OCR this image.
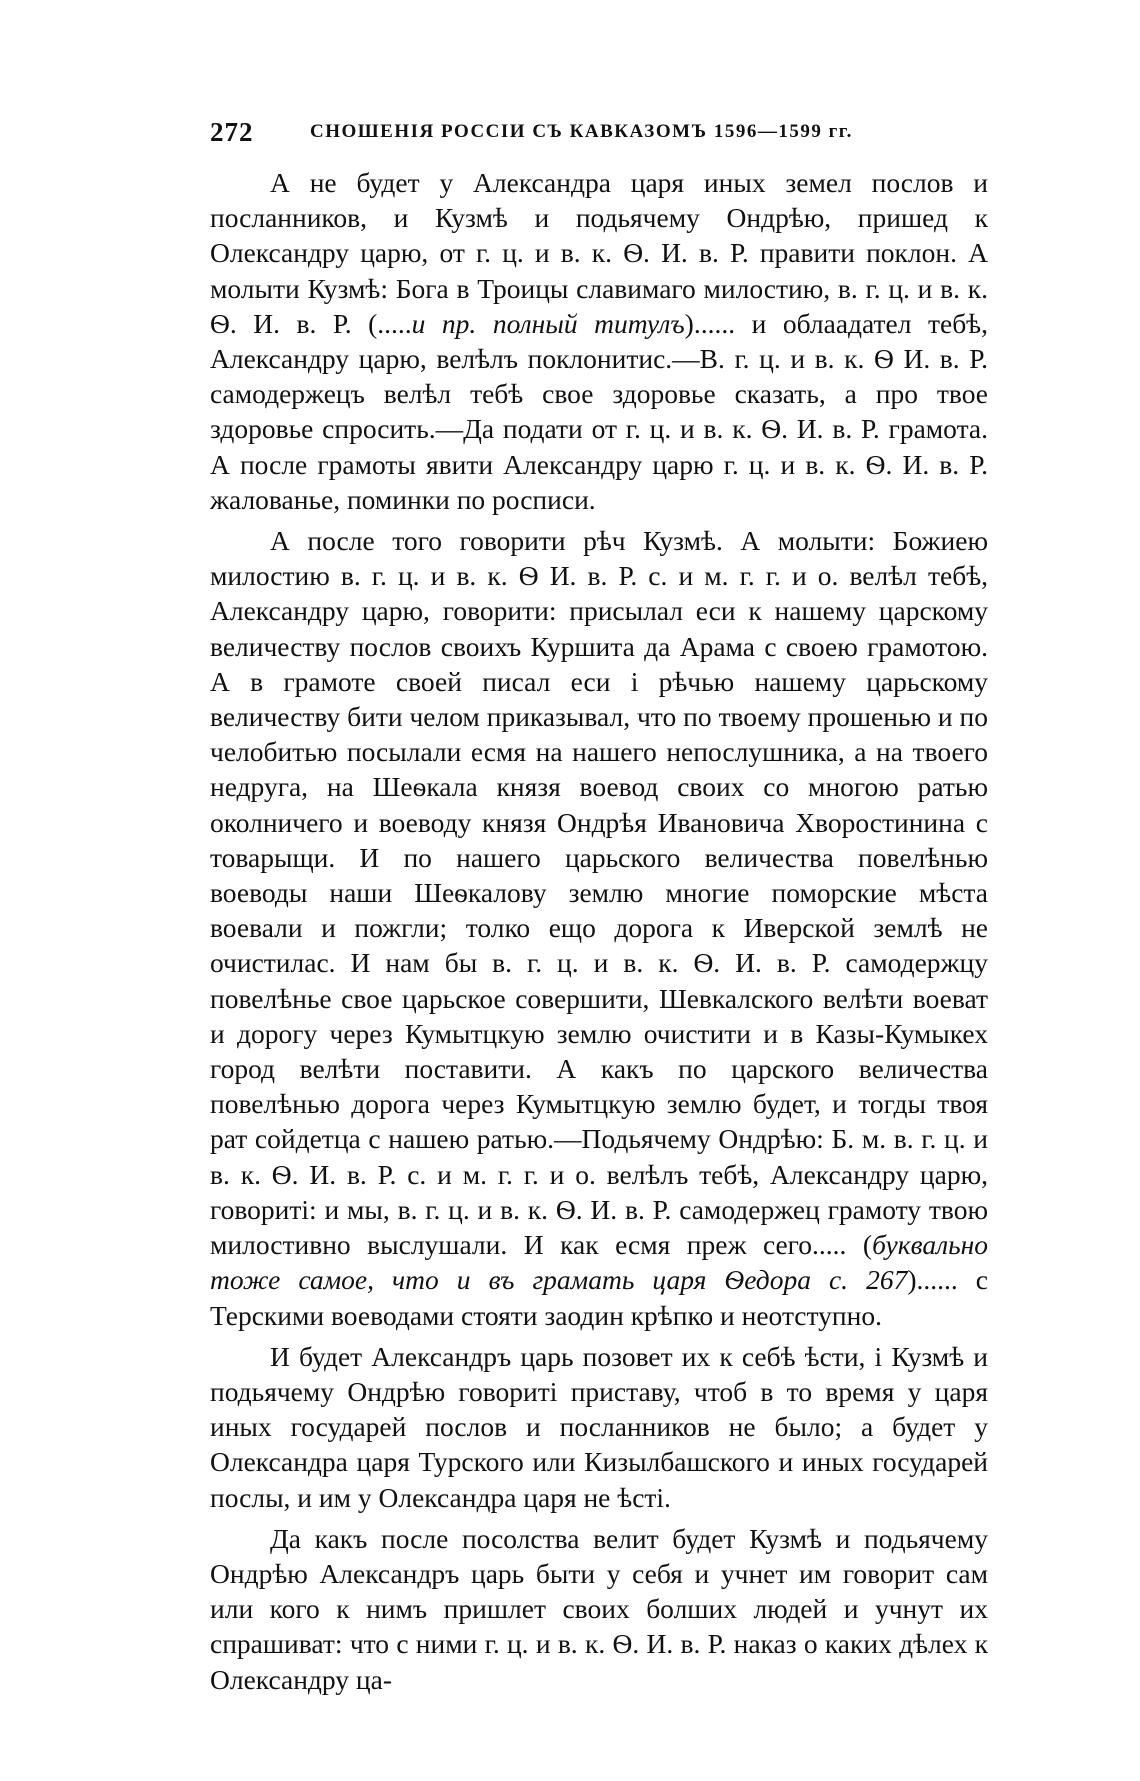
272	СНОШЕНІЯ РОССІИ СЪ КАВКАЗОМЪ 1596—1599 гг.

А не будет у Александра царя иных земел послов и посланников, и Кузмѣ и подьячему Ондрѣю, пришед к Олександру царю, от г. ц. и в. к. Ѳ. И. в. Р. правити поклон. А молыти Кузмѣ: Бога в Троицы славимаго милостию, в. г. ц. и в. к. Ѳ. И. в. Р. (.....и пр. полный титулъ)...... и облаадател тебѣ, Александру царю, велѣлъ поклонитис.—В. г. ц. и в. к. Ѳ И. в. Р. самодержецъ велѣл тебѣ свое здоровье сказать, а про твое здоровье спросить.—Да подати от г. ц. и в. к. Ѳ. И. в. Р. грамота. А после грамоты явити Александру царю г. ц. и в. к. Ѳ. И. в. Р. жалованье, поминки по росписи.

А после того говорити рѣч Кузмѣ. А молыти: Божиею милостию в. г. ц. и в. к. Ѳ И. в. Р. с. и м. г. г. и о. велѣл тебѣ, Александру царю, говорити: присылал еси к нашему царскому величеству послов своихъ Куршита да Арама с своею грамотою. А в грамоте своей писал еси і рѣчью нашему царьскому величеству бити челом приказывал, что по твоему прошенью и по челобитью посылали есмя на нашего непослушника, а на твоего недруга, на Шеѳкала князя воевод своих со многою ратью околничего и воеводу князя Ондрѣя Ивановича Хворостинина с товарыщи. И по нашего царьского величества повелѣнью воеводы наши Шеѳкалову землю многие поморские мѣста воевали и пожгли; толко ещо дорога к Иверской землѣ не очистилас. И нам бы в. г. ц. и в. к. Ѳ. И. в. Р. самодержцу повелѣнье свое царьское совершити, Шевкалского велѣти воеват и дорогу через Кумытцкую землю очистити и в Казы-Кумыкех город велѣти поставити. А какъ по царского величества повелѣнью дорога через Кумытцкую землю будет, и тогды твоя рат сойдетца с нашею ратью.—Подьячему Ондрѣю: Б. м. в. г. ц. и в. к. Ѳ. И. в. Р. с. и м. г. г. и о. велѣлъ тебѣ, Александру царю, говориті: и мы, в. г. ц. и в. к. Ѳ. И. в. Р. самодержец грамоту твою милостивно выслушали. И как есмя преж сего..... (буквально тоже самое, что и въ грамать царя Ѳедора с. 267)...... с Терскими воеводами стояти заодин крѣпко и неотступно.

И будет Александръ царь позовет их к себѣ ѣсти, і Кузмѣ и подьячему Ондрѣю говориті приставу, чтоб в то время у царя иных государей послов и посланников не было; а будет у Олександра царя Турского или Кизылбашского и иных государей послы, и им у Олександра царя не ѣсті.

Да какъ после посолства велит будет Кузмѣ и подьячему Ондрѣю Александръ царь быти у себя и учнет им говорит сам или кого к нимъ пришлет своих болших людей и учнут их спрашиват: что с ними г. ц. и в. к. Ѳ. И. в. Р. наказ о каких дѣлех к Олександру ца-
